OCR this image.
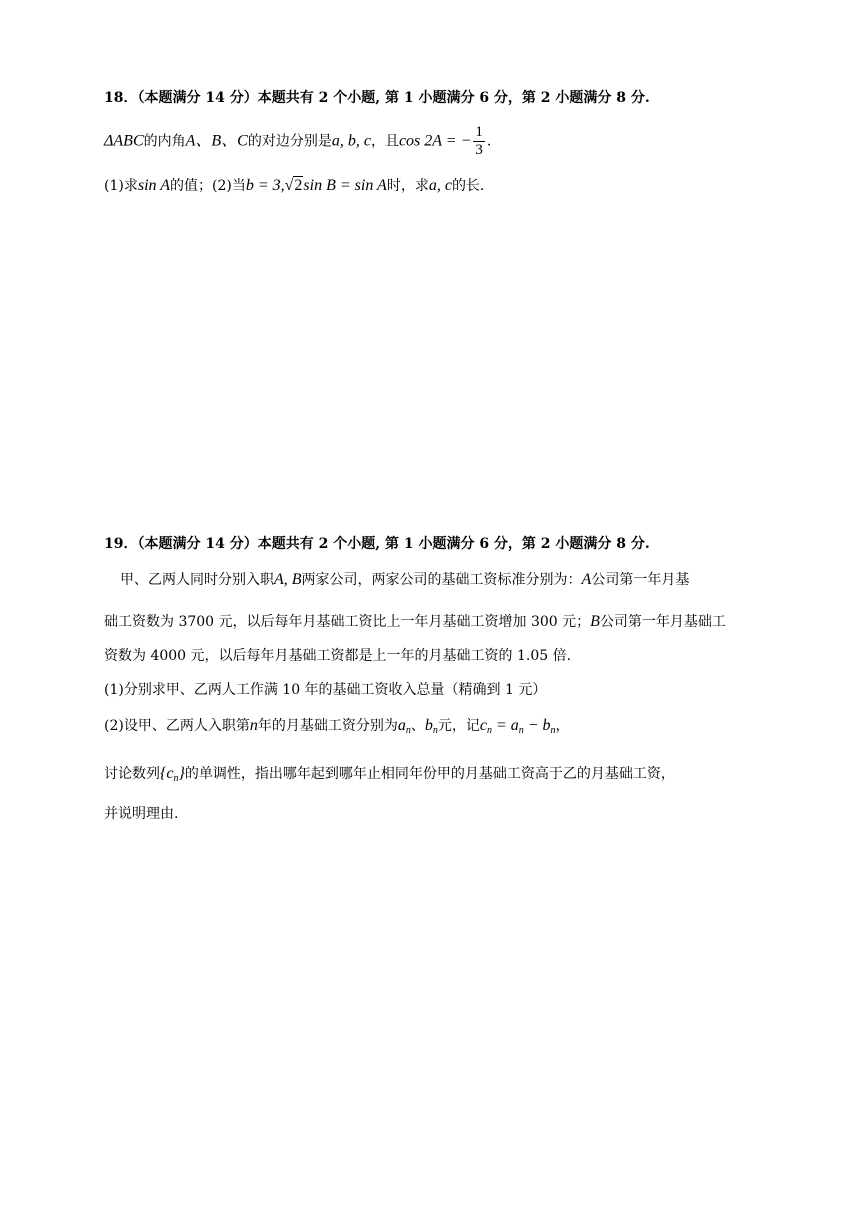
18．（本题满分 14 分）本题共有 2 个小题, 第 1 小题满分 6 分，第 2 小题满分 8 分.
ΔABC的内角A、B、C的对边分别是a, b, c，且cos 2A = − $\frac{1}{3}$ .
(1)求sin A的值；(2)当b = 3,√2sin B = sin A时，求a, c的长.
19．（本题满分 14 分）本题共有 2 个小题, 第 1 小题满分 6 分，第 2 小题满分 8 分.
甲、乙两人同时分别入职A, B两家公司，两家公司的基础工资标准分别为：A公司第一年月基
础工资数为 3700 元，以后每年月基础工资比上一年月基础工资增加 300 元；B公司第一年月基础工
资数为 4000 元，以后每年月基础工资都是上一年的月基础工资的 1.05 倍.
(1)分别求甲、乙两人工作满 10 年的基础工资收入总量（精确到 1 元）
(2)设甲、乙两人入职第n年的月基础工资分别为$a_n$、$b_n$元，记$c_n = a_n - b_n$，
讨论数列$\{c_n\}$的单调性，指出哪年起到哪年止相同年份甲的月基础工资高于乙的月基础工资，
并说明理由.
